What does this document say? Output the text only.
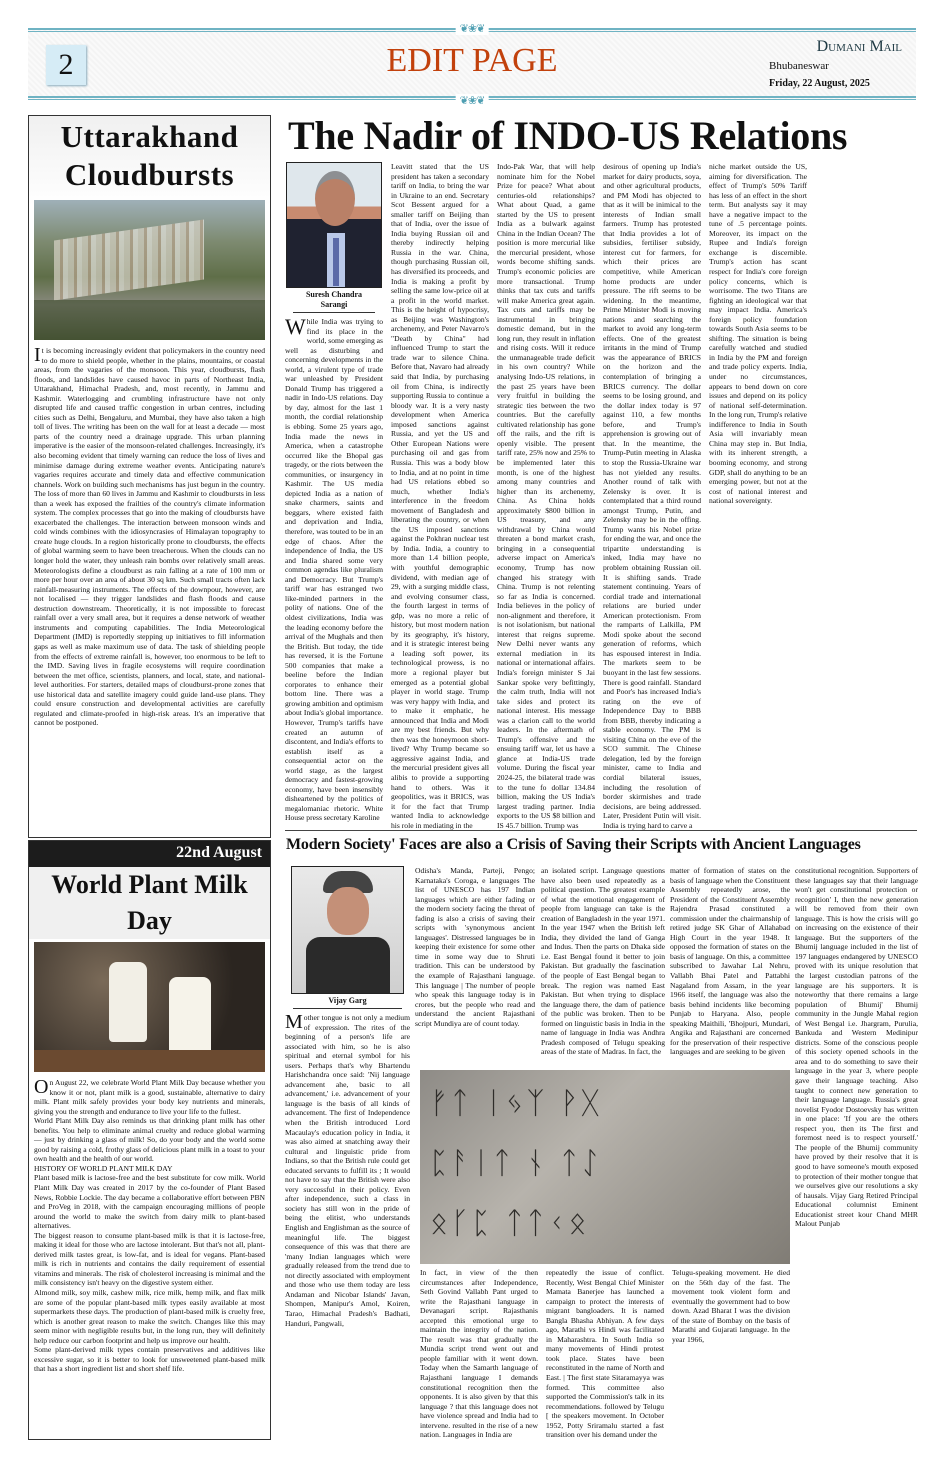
❦❀❦
❦❀❦
2	EDIT PAGE	Dumani Mail
Bhubaneswar
Friday, 22 August, 2025
Uttarakhand
Cloudbursts
It is becoming increasingly evident that policymakers in the country need to do more to shield people, whether in the plains, mountains, or coastal areas, from the vagaries of the monsoon. This year, cloudbursts, flash floods, and landslides have caused havoc in parts of Northeast India, Uttarakhand, Himachal Pradesh, and, most recently, in Jammu and Kashmir. Waterlogging and crumbling infrastructure have not only disrupted life and caused traffic congestion in urban centres, including cities such as Delhi, Bengaluru, and Mumbai, they have also taken a high toll of lives. The writing has been on the wall for at least a decade — most parts of the country need a drainage upgrade. This urban planning imperative is the easier of the monsoon-related challenges. Increasingly, it's also becoming evident that timely warning can reduce the loss of lives and minimise damage during extreme weather events. Anticipating nature's vagaries requires accurate and timely data and effective communication channels. Work on building such mechanisms has just begun in the country. The loss of more than 60 lives in Jammu and Kashmir to cloudbursts in less than a week has exposed the frailties of the country's climate information system. The complex processes that go into the making of cloudbursts have exacerbated the challenges. The interaction between monsoon winds and cold winds combines with the idiosyncrasies of Himalayan topography to create huge clouds. In a region historically prone to cloudbursts, the effects of global warming seem to have been treacherous. When the clouds can no longer hold the water, they unleash rain bombs over relatively small areas. Meteorologists define a cloudburst as rain falling at a rate of 100 mm or more per hour over an area of about 30 sq km. Such small tracts often lack rainfall-measuring instruments. The effects of the downpour, however, are not localised — they trigger landslides and flash floods and cause destruction downstream. Theoretically, it is not impossible to forecast rainfall over a very small area, but it requires a dense network of weather instruments and computing capabilities. The India Meteorological Department (IMD) is reportedly stepping up initiatives to fill information gaps as well as make maximum use of data. The task of shielding people from the effects of extreme rainfall is, however, too enormous to be left to the IMD. Saving lives in fragile ecosystems will require coordination between the met office, scientists, planners, and local, state, and national-level authorities. For starters, detailed maps of cloudburst-prone zones that use historical data and satellite imagery could guide land-use plans. They could ensure construction and developmental activities are carefully regulated and climate-proofed in high-risk areas. It's an imperative that cannot be postponed.
22nd August
World Plant Milk Day

On August 22, we celebrate World Plant Milk Day because whether you know it or not, plant milk is a good, sustainable, alternative to dairy milk. Plant milk safely provides your body key nutrients and minerals, giving you the strength and endurance to live your life to the fullest.

World Plant Milk Day also reminds us that drinking plant milk has other benefits. You help to eliminate animal cruelty and reduce global warming — just by drinking a glass of milk! So, do your body and the world some good by raising a cold, frothy glass of delicious plant milk in a toast to your own health and the health of our world.

HISTORY OF WORLD PLANT MILK DAY

Plant based milk is lactose-free and the best substitute for cow milk. World Plant Milk Day was created in 2017 by the co-founder of Plant Based News, Robbie Lockie. The day became a collaborative effort between PBN and ProVeg in 2018, with the campaign encouraging millions of people around the world to make the switch from dairy milk to plant-based alternatives.

The biggest reason to consume plant-based milk is that it is lactose-free, making it ideal for those who are lactose intolerant. But that's not all, plant-derived milk tastes great, is low-fat, and is ideal for vegans. Plant-based milk is rich in nutrients and contains the daily requirement of essential vitamins and minerals. The risk of cholesterol increasing is minimal and the milk consistency isn't heavy on the digestive system either.

Almond milk, soy milk, cashew milk, rice milk, hemp milk, and flax milk are some of the popular plant-based milk types easily available at most supermarkets these days. The production of plant-based milk is cruelty free, which is another great reason to make the switch. Changes like this may seem minor with negligible results but, in the long run, they will definitely help reduce our carbon footprint and help us improve our health.

Some plant-derived milk types contain preservatives and additives like excessive sugar, so it is better to look for unsweetened plant-based milk that has a short ingredient list and short shelf life.

The Nadir of INDO-US Relations
Suresh Chandra Sarangi
W hile India was trying to find its place in the world, some emerging as well as disturbing and concerning developments in the world, a virulent type of trade war unleashed by President Donald Trump has triggered a nadir in Indo-US relations. Day by day, almost for the last 1 month, the cordial relationship is ebbing. Some 25 years ago, India made the news in America, when a catastrophe occurred like the Bhopal gas tragedy, or the riots between the communities, or insurgency in Kashmir. The US media depicted India as a nation of snake charmers, saints and beggars, where existed faith and deprivation and India, therefore, was touted to be in an edge of chaos. After the independence of India, the US and India shared some very common agendas like pluralism and Democracy. But Trump's tariff war has estranged two like-minded partners in the polity of nations. One of the oldest civilizations, India was the leading economy before the arrival of the Mughals and then the British. But today, the tide has reversed, it is the Fortune 500 companies that make a beeline before the Indian corporates to enhance their bottom line. There was a growing ambition and optimism about India's global importance. However, Trump's tariffs have created an autumn of discontent, and India's efforts to establish itself as a consequential actor on the world stage, as the largest democracy and fastest-growing economy, have been insensibly disheartened by the politics of megalomaniac rhetoric. White House press secretary Karoline
Leavitt stated that the US president has taken a secondary tariff on India, to bring the war in Ukraine to an end. Secretary Scot Bessent argued for a smaller tariff on Beijing than that of India, over the issue of India buying Russian oil and thereby indirectly helping Russia in the war. China, though purchasing Russian oil, has diversified its proceeds, and India is making a profit by selling the same low-price oil at a profit in the world market. This is the height of hypocrisy, as Beijing was Washington's archenemy, and Peter Navarro's "Death by China" had influenced Trump to start the trade war to silence China. Before that, Navaro had already said that India, by purchasing oil from China, is indirectly supporting Russia to continue a bloody war. It is a very nasty development when America imposed sanctions against Russia, and yet the US and Other European Nations were purchasing oil and gas from Russia. This was a body blow to India, and at no point in time had US relations ebbed so much, whether India's interference in the freedom movement of Bangladesh and liberating the country, or when the US imposed sanctions against the Pokhran nuclear test by India. India, a country to more than 1.4 billion people, with youthful demographic dividend, with median age of 29, with a surging middle class, and evolving consumer class, the fourth largest in terms of gdp, was no more a relic of history, but most modern nation by its geography, it's history, and it is strategic interest being a leading soft power, its technological prowess, is no more a regional player but emerged as a potential global player in world stage. Trump was very happy with India, and to make it emphatic, he announced that India and Modi are my best friends. But why then was the honeymoon short-lived? Why Trump became so aggressive against India, and the mercurial president gives all alibis to provide a supporting hand to others. Was it geopolitics, was it BRICS, was it for the fact that Trump wanted India to acknowledge his role in mediating in the
Indo-Pak War, that will help nominate him for the Nobel Prize for peace? What about centuries-old relationships? What about Quad, a game started by the US to present India as a bulwark against China in the Indian Ocean? The position is more mercurial like the mercurial president, whose words become shifting sands. Trump's economic policies are more transactional. Trump thinks that tax cuts and tariffs will make America great again. Tax cuts and tariffs may be instrumental in bringing domestic demand, but in the long run, they result in inflation and rising costs. Will it reduce the unmanageable trade deficit in his own country? While analysing Indo-US relations, in the past 25 years have been very fruitful in building the strategic ties between the two countries. But the carefully cultivated relationship has gone off the rails, and the rift is openly visible. The present tariff rate, 25% now and 25% to be implemented later this month, is one of the highest among many countries and higher than its archenemy, China. As China holds approximately $800 billion in US treasury, and any withdrawal by China would threaten a bond market crash, bringing in a consequential adverse impact on America's economy, Trump has now changed his strategy with China. Trump is not relenting so far as India is concerned. India believes in the policy of non-alignment and therefore, it is not isolationism, but national interest that reigns supreme. New Delhi never wants any external mediation in its national or international affairs. India's foreign minister S Jai Sankar spoke very befittingly, the calm truth, India will not take sides and protect its national interest. His message was a clarion call to the world leaders. In the aftermath of Trump's offensive and the ensuing tariff war, let us have a glance at India-US trade volume. During the fiscal year 2024-25, the bilateral trade was to the tune fo dollar 134.84 billion, making the US India's largest trading partner. India exports to the US $8 billion and IS 45.7 billion. Trump was
desirous of opening up India's market for dairy products, soya, and other agricultural products, and PM Modi has objected to that as it will be inimical to the interests of Indian small farmers. Trump has protested that India provides a lot of subsidies, fertiliser subsidy, interest cut for farmers, for which their prices are competitive, while American home products are under pressure. The rift seems to be widening. In the meantime, Prime Minister Modi is moving nations and searching the market to avoid any long-term effects. One of the greatest irritants in the mind of Trump was the appearance of BRICS on the horizon and the contemplation of bringing a BRICS currency. The dollar seems to be losing ground, and the dollar index today is 97 against 110, a few months before, and Trump's apprehension is growing out of that. In the meantime, the Trump-Putin meeting in Alaska to stop the Russia-Ukraine war has not yielded any results. Another round of talk with Zelensky is over. It is contemplated that a third round amongst Trump, Putin, and Zelensky may be in the offing. Trump wants his Nobel prize for ending the war, and once the tripartite understanding is inked, India may have no problem obtaining Russian oil. It is shifting sands. Trade statement continuing. Years of cordial trade and international relations are buried under American protectionism. From the ramparts of Lalkilla, PM Modi spoke about the second generation of reforms, which has espoused interest in India. The markets seem to be buoyant in the last few sessions. There is good rainfall. Standard and Poor's has increased India's rating on the eve of Independence Day to BBB from BBB, thereby indicating a stable economy. The PM is visiting China on the eve of the SCO summit. The Chinese delegation, led by the foreign minister, came to India and cordial bilateral issues, including the resolution of border skirmishes and trade decisions, are being addressed. Later, President Putin will visit. India is trying hard to carve a
niche market outside the US, aiming for diversification. The effect of Trump's 50% Tariff has less of an effect in the short term. But analysts say it may have a negative impact to the tune of .5 percentage points. Moreover, its impact on the Rupee and India's foreign exchange is discernible. Trump's action has scant respect for India's core foreign policy concerns, which is worrisome. The two Titans are fighting an ideological war that may impact India. America's foreign policy foundation towards South Asia seems to be shifting. The situation is being carefully watched and studied in India by the PM and foreign and trade policy experts. India, under no circumstances, appears to bend down on core issues and depend on its policy of national self-determination. In the long run, Trump's relative indifference to India in South Asia will invariably mean China may step in. But India, with its inherent strength, a booming economy, and strong GDP, shall do anything to be an emerging power, but not at the cost of national interest and national sovereignty.
Modern Society' Faces are also a Crisis of Saving their Scripts with Ancient Languages
Vijay Garg
M other tongue is not only a medium of expression. The rites of the beginning of a person's life are associated with him, so he is also spiritual and eternal symbol for his users. Perhaps that's why Bhartendu Harishchandra once said: 'Nij language advancement ahe, basic to all advancement,' i.e. advancement of your language is the basis of all kinds of advancement. The first of Independence when the British introduced Lord Macaulay's education policy in India, it was also aimed at snatching away their cultural and linguistic pride from Indians, so that the British rule could get educated servants to fulfill its ; It would not have to say that the British were also very successful in their policy. Even after independence, such a class in society has still won in the pride of being the elitist, who understands English and Englishman as the source of meaningful life. The biggest consequence of this was that there are 'many Indian languages which were gradually released from the trend due to not directly associated with employment and those who use them today are less Andaman and Nicobar Islands' Javan, Shompen, Manipur's Amol, Koiren, Tarao, Himachal Pradesh's Badhati, Handuri, Pangwali,
Odisha's Manda, Parteji, Pengo; Karnataka's Coroga, e languages The list of UNESCO has 197 Indian languages which are either fading or the modern society facing the threat of fading is also a crisis of saving their scripts with 'synonymous ancient languages'. Distressed languages be in keeping their existence for some other time in some way due to Shruti tradition. This can be understood by the example of Rajasthani language. This language | The number of people who speak this language today is in crores, but the people who read and understand the ancient Rajasthani script Mundiya are of count today.
an isolated script. Language questions have also been used repeatedly as a political question. The greatest example of what the emotional engagement of people from language can take is the creation of Bangladesh in the year 1971. In the year 1947 when the British left India, they divided the land of Ganga and Indus. Then the parts on Dhaka side i.e. East Bengal found it better to join Pakistan. But gradually the fascination of the people of East Bengal began to break. The region was named East Pakistan. But when trying to displace the language there, the dam of patience of the public was broken. Then to be formed on linguistic basis in India in the name of language in India was Andhra Pradesh composed of Telugu speaking areas of the state of Madras. In fact, the
matter of formation of states on the basis of language when the Constituent Assembly repeatedly arose, the President of the Constituent Assembly Rajendra Prasad constituted a commission under the chairmanship of retired judge SK Ghar of Allahabad High Court in the year 1948. It opposed the formation of states on the basis of language. On this, a committee subscribed to Jawahar Lal Nehru, Vallabh Bhai Patel and Pattabhi Nagaland from Assam, in the year 1966 itself, the language was also the basis behind incidents like becoming Punjab to Haryana. Also, people speaking Maithili, 'Bhojpuri, Mundari, Angika and Rajasthani are concerned for the preservation of their respective languages and are seeking to be given
constitutional recognition. Supporters of these languages say that their language won't get constitutional protection or recognition' I, then the new generation will be removed from their own language. This is how the crisis will go on increasing on the existence of their language. But the supporters of the Bhumij language included in the list of 197 languages endangered by UNESCO proved with its unique resolution that the largest custodian patrons of the language are his supporters. It is noteworthy that there remains a large population of Bhumij' Bhumij community in the Jungle Mahal region of West Bengal i.e. Jhargram, Purulia, Bankuda and Western Medinipur districts. Some of the conscious people of this society opened schools in the area and to do something to save their language in the year 3, where people gave their language teaching. Also taught to connect new generation to their language language. Russia's great novelist Fyodor Dostoevsky has written in one place: 'If you are the others respect you, then its The first and foremost need is to respect yourself.' The people of the Bhumij community have proved by their resolve that it is good to have someone's mouth exposed to protection of their mother tongue that we ourselves give our resolutions a sky of hausals. Vijay Garg Retired Principal Educational columnist Eminent Educationist street kour Chand MHR Malout Punjab
ᚠᛏ ᛁᛃᛉ ᚹᚷ
ᛈᚨᛁᛏ ᚾ ᛏᛇ
ᛟᚴᛈ ᛏᛏᚲᛟ
In fact, in view of the then circumstances after Independence, Seth Govind Vallabh Pant urged to write the Rajasthani language in Devanagari script. Rajasthanis accepted this emotional urge to maintain the integrity of the nation. The result was that gradually the Mundia script trend went out and people familiar with it went down. Today when the Samarth language of Rajasthani language I demands constitutional recognition then the opponents. It is also given by that this language ? that this language does not have violence spread and India had to intervene. resulted in the rise of a new nation. Languages in India are
repeatedly the issue of conflict. Recently, West Bengal Chief Minister Mamata Banerjee has launched a campaign to protect the interests of migrant bangloaders. It is named Bangla Bhasha Abhiyan. A few days ago, Marathi vs Hindi was facilitated in Maharashtra. In South India so many movements of Hindi protest took place. States have been reconstituted in the name of North and East. | The first state Sitaramayya was formed. This committee also supported the Commission's talk in its recommendations. followed by Telugu [ the speakers movement. In October 1952, Potty Sriramalu started a fast transition over his demand under the
Telugu-speaking movement. He died on the 56th day of the fast. The movement took violent form and eventually the government had to bow down. Azad Bharat I was the division of the state of Bombay on the basis of Marathi and Gujarati language. In the year 1966,
